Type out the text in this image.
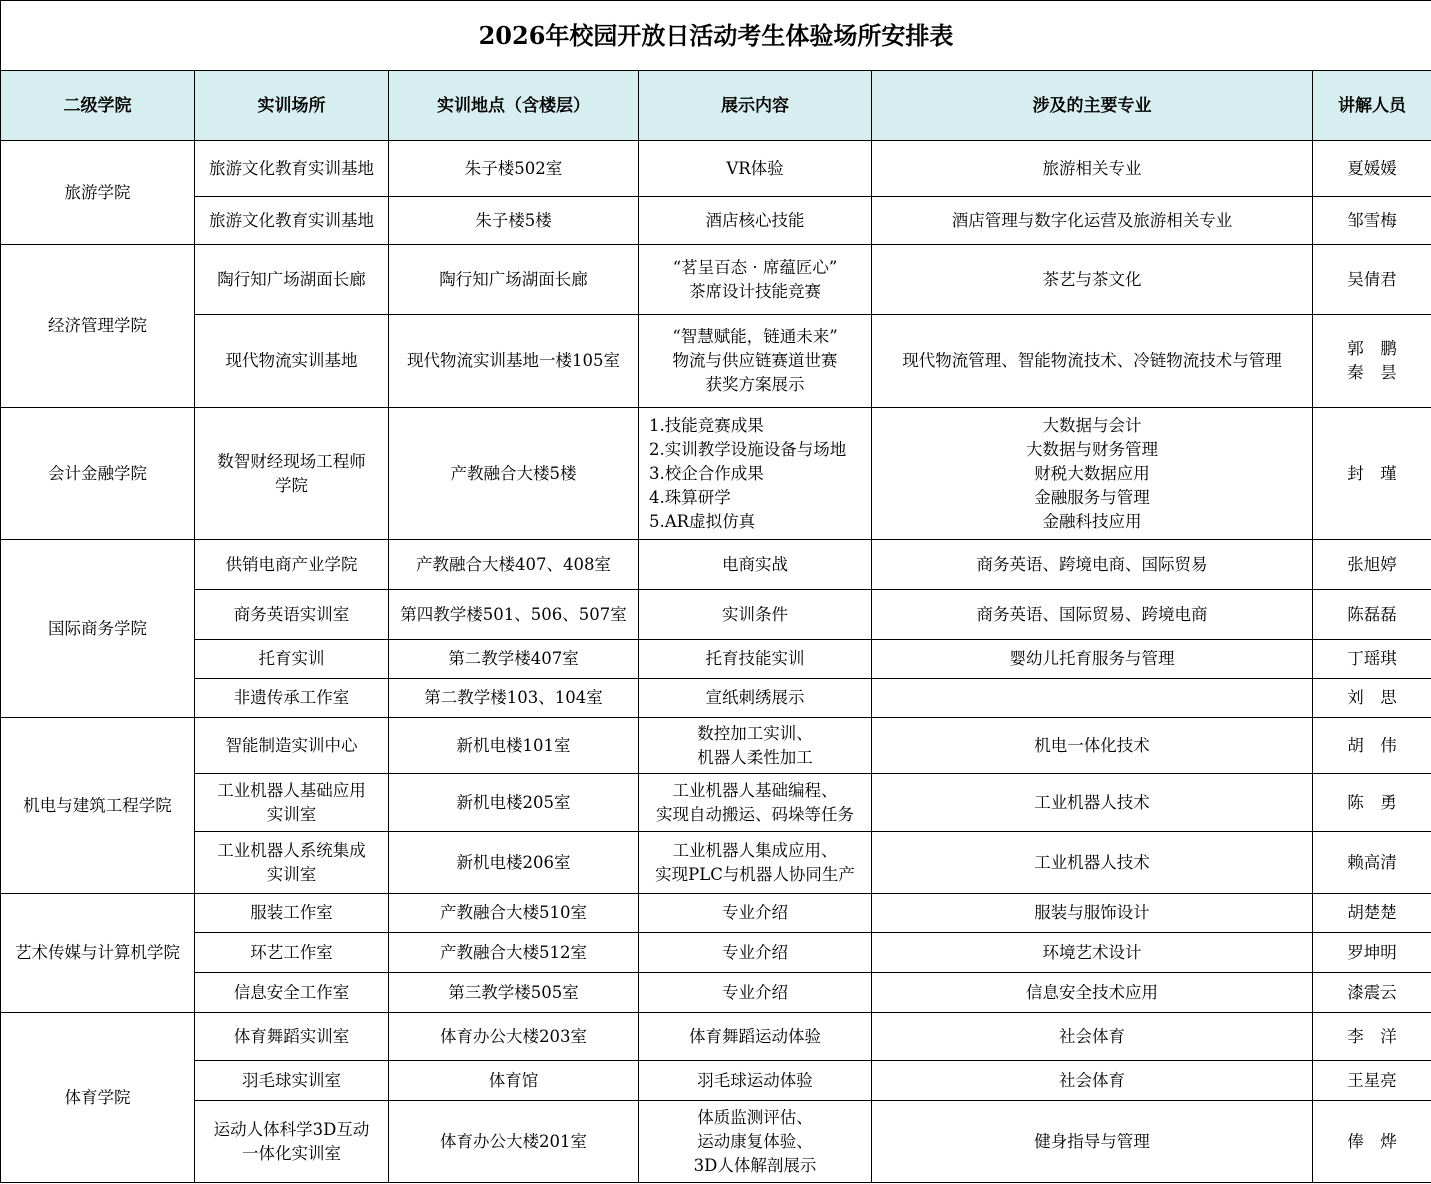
2026年校园开放日活动考生体验场所安排表					
二级学院	实训场所	实训地点（含楼层）	展示内容	涉及的主要专业	讲解人员
旅游学院	旅游文化教育实训基地	朱子楼502室	VR体验	旅游相关专业	夏媛媛

	旅游文化教育实训基地	朱子楼5楼	酒店核心技能	酒店管理与数字化运营及旅游相关专业	邹雪梅

经济管理学院	陶行知广场湖面长廊	陶行知广场湖面长廊	“茗呈百态 · 席蕴匠心”
茶席设计技能竞赛	茶艺与茶文化	吴倩君

	现代物流实训基地	现代物流实训基地一楼105室	“智慧赋能，链通未来”
物流与供应链赛道世赛
获奖方案展示	现代物流管理、智能物流技术、冷链物流技术与管理	郭　鹏
秦　昙

会计金融学院	数智财经现场工程师
学院	产教融合大楼5楼	1.技能竞赛成果
2.实训教学设施设备与场地
3.校企合作成果
4.珠算研学
5.AR虚拟仿真	大数据与会计
大数据与财务管理
财税大数据应用
金融服务与管理
金融科技应用	封　瑾

国际商务学院	供销电商产业学院	产教融合大楼407、408室	电商实战	商务英语、跨境电商、国际贸易	张旭婷

	商务英语实训室	第四教学楼501、506、507室	实训条件	商务英语、国际贸易、跨境电商	陈磊磊

	托育实训	第二教学楼407室	托育技能实训	婴幼儿托育服务与管理	丁瑶琪

	非遗传承工作室	第二教学楼103、104室	宣纸刺绣展示		刘　思

机电与建筑工程学院	智能制造实训中心	新机电楼101室	数控加工实训、
机器人柔性加工	机电一体化技术	胡　伟

	工业机器人基础应用
实训室	新机电楼205室	工业机器人基础编程、
实现自动搬运、码垛等任务	工业机器人技术	陈　勇

	工业机器人系统集成
实训室	新机电楼206室	工业机器人集成应用、
实现PLC与机器人协同生产	工业机器人技术	赖高清

艺术传媒与计算机学院	服装工作室	产教融合大楼510室	专业介绍	服装与服饰设计	胡楚楚

	环艺工作室	产教融合大楼512室	专业介绍	环境艺术设计	罗坤明

	信息安全工作室	第三教学楼505室	专业介绍	信息安全技术应用	漆震云

体育学院	体育舞蹈实训室	体育办公大楼203室	体育舞蹈运动体验	社会体育	李　洋

	羽毛球实训室	体育馆	羽毛球运动体验	社会体育	王星亮

	运动人体科学3D互动
一体化实训室	体育办公大楼201室	体质监测评估、
运动康复体验、
3D人体解剖展示	健身指导与管理	俸　烨
